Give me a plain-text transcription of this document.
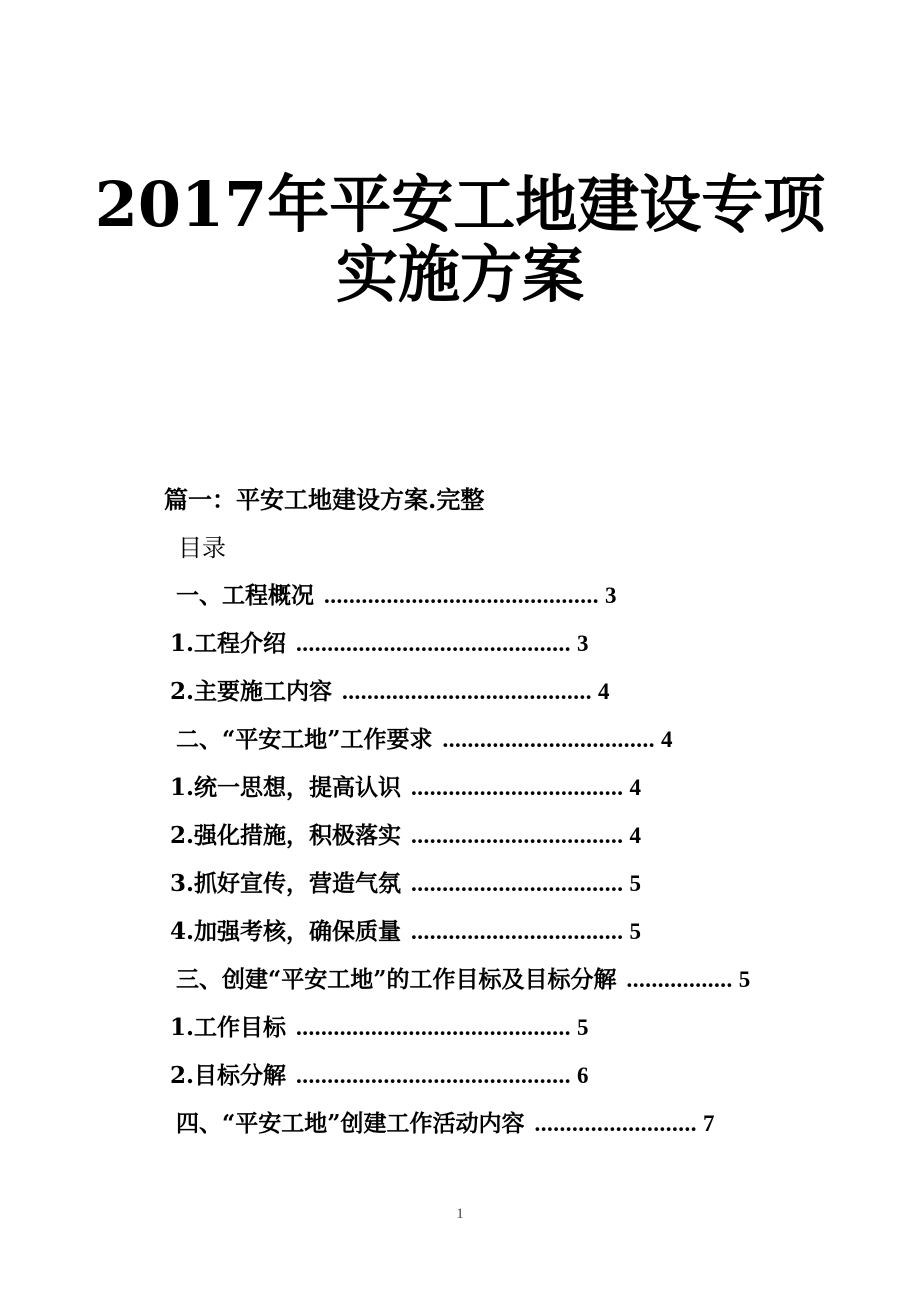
2017年平安工地建设专项
实施方案
篇一：平安工地建设方案.完整
目录
一、工程概况 ............................................ 3
1.工程介绍 ............................................ 3
2.主要施工内容 ........................................ 4
二、“平安工地”工作要求 .................................. 4
1.统一思想，提高认识 .................................. 4
2.强化措施，积极落实 .................................. 4
3.抓好宣传，营造气氛 .................................. 5
4.加强考核，确保质量 .................................. 5
三、创建“平安工地”的工作目标及目标分解 ................. 5
1.工作目标 ............................................ 5
2.目标分解 ............................................ 6
四、“平安工地”创建工作活动内容 .......................... 7
1
